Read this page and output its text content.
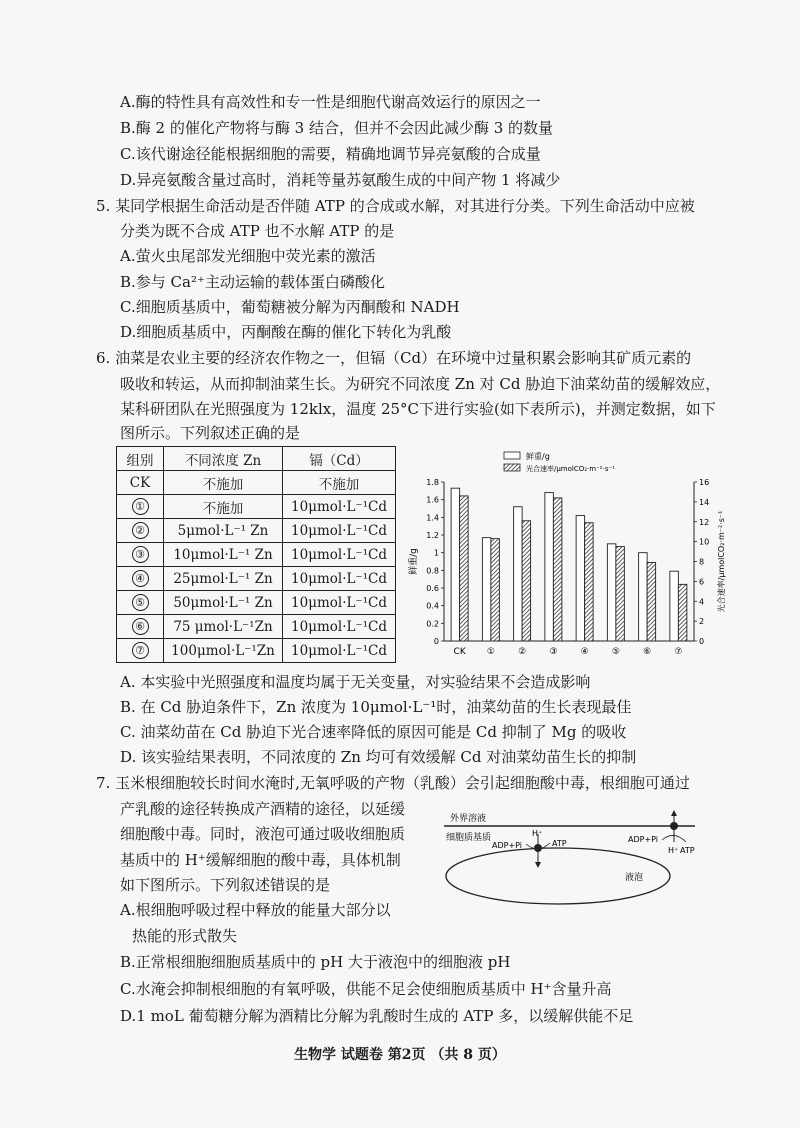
A.酶的特性具有高效性和专一性是细胞代谢高效运行的原因之一
B.酶 2 的催化产物将与酶 3 结合，但并不会因此减少酶 3 的数量
C.该代谢途径能根据细胞的需要，精确地调节异亮氨酸的合成量
D.异亮氨酸含量过高时，消耗等量苏氨酸生成的中间产物 1 将减少
5. 某同学根据生命活动是否伴随 ATP 的合成或水解，对其进行分类。下列生命活动中应被
分类为既不合成 ATP 也不水解 ATP 的是
A.萤火虫尾部发光细胞中荧光素的激活
B.参与 Ca²⁺主动运输的载体蛋白磷酸化
C.细胞质基质中，葡萄糖被分解为丙酮酸和 NADH
D.细胞质基质中，丙酮酸在酶的催化下转化为乳酸
6. 油菜是农业主要的经济农作物之一，但镉（Cd）在环境中过量积累会影响其矿质元素的
吸收和转运，从而抑制油菜生长。为研究不同浓度 Zn 对 Cd 胁迫下油菜幼苗的缓解效应，
某科研团队在光照强度为 12klx，温度 25°C下进行实验(如下表所示)，并测定数据，如下
图所示。下列叙述正确的是
组别	不同浓度 Zn	镉（Cd）
CK	不施加	不施加
①	不施加	10μmol·L⁻¹Cd
②	5μmol·L⁻¹ Zn	10μmol·L⁻¹Cd
③	10μmol·L⁻¹ Zn	10μmol·L⁻¹Cd
④	25μmol·L⁻¹ Zn	10μmol·L⁻¹Cd
⑤	50μmol·L⁻¹ Zn	10μmol·L⁻¹Cd
⑥	75 μmol·L⁻¹Zn	10μmol·L⁻¹Cd
⑦	100μmol·L⁻¹Zn	10μmol·L⁻¹Cd
鲜重/g
光合速率/μmolCO₂·m⁻²·s⁻¹
0
0.2
0.4
0.6
0.8
1
1.2
1.4
1.6
1.8
0
2
4
6
8
10
12
14
16
鲜重/g	光合速率/μmolCO₂·m⁻²·s⁻¹
CK ①	②	③	④	⑤	⑥	⑦
A. 本实验中光照强度和温度均属于无关变量，对实验结果不会造成影响
B. 在 Cd 胁迫条件下，Zn 浓度为 10μmol·L⁻¹时，油菜幼苗的生长表现最佳
C. 油菜幼苗在 Cd 胁迫下光合速率降低的原因可能是 Cd 抑制了 Mg 的吸收
D. 该实验结果表明，不同浓度的 Zn 均可有效缓解 Cd 对油菜幼苗生长的抑制
7. 玉米根细胞较长时间水淹时,无氧呼吸的产物（乳酸）会引起细胞酸中毒，根细胞可通过
产乳酸的途径转换成产酒精的途径，以延缓
细胞酸中毒。同时，液泡可通过吸收细胞质
基质中的 H⁺缓解细胞的酸中毒，具体机制
如下图所示。下列叙述错误的是
外界溶液
细胞质基质
液泡
H⁺
ADP+Pi	ATP	ADP+Pi
H⁺ ATP
A.根细胞呼吸过程中释放的能量大部分以
热能的形式散失
B.正常根细胞细胞质基质中的 pH 大于液泡中的细胞液 pH
C.水淹会抑制根细胞的有氧呼吸，供能不足会使细胞质基质中 H⁺含量升高
D.1 moL 葡萄糖分解为酒精比分解为乳酸时生成的 ATP 多，以缓解供能不足
生物学 试题卷 第2页 （共 8 页）
